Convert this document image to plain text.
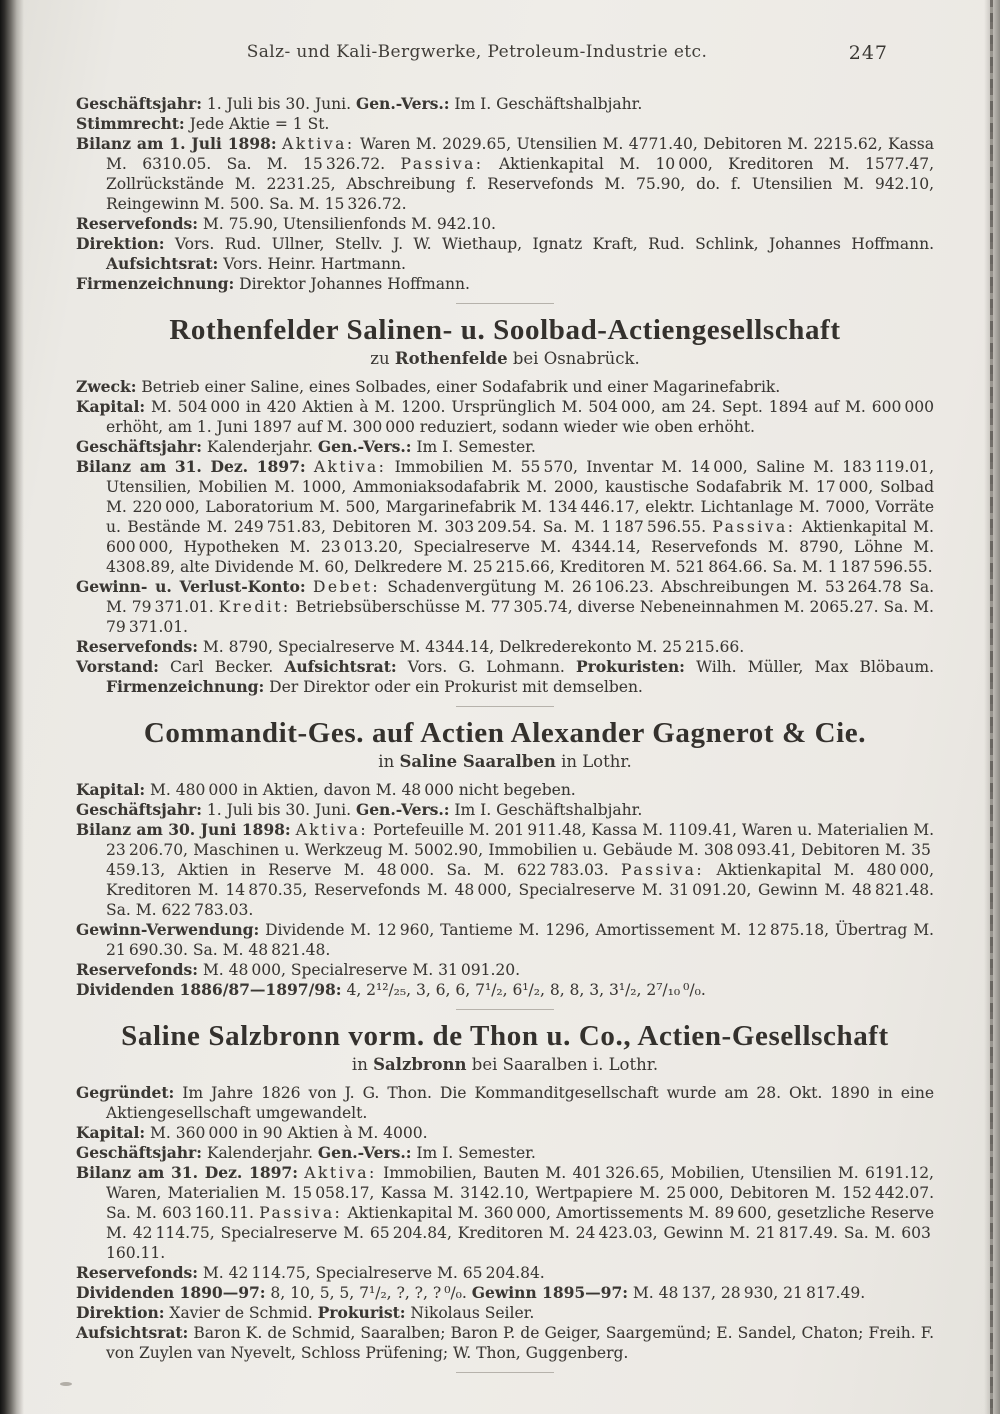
Salz- und Kali-Bergwerke, Petroleum-Industrie etc.	247

Geschäftsjahr: 1. Juli bis 30. Juni. Gen.-Vers.: Im I. Geschäftshalbjahr.

Stimmrecht: Jede Aktie = 1 St.

Bilanz am 1. Juli 1898: Aktiva: Waren M. 2029.65, Utensilien M. 4771.40, Debitoren M. 2215.62, Kassa M. 6310.05. Sa. M. 15 326.72. Passiva: Aktienkapital M. 10 000, Kreditoren M. 1577.47, Zollrückstände M. 2231.25, Abschreibung f. Reservefonds M. 75.90, do. f. Utensilien M. 942.10, Reingewinn M. 500. Sa. M. 15 326.72.

Reservefonds: M. 75.90, Utensilienfonds M. 942.10.

Direktion: Vors. Rud. Ullner, Stellv. J. W. Wiethaup, Ignatz Kraft, Rud. Schlink, Johannes Hoffmann. Aufsichtsrat: Vors. Heinr. Hartmann.

Firmenzeichnung: Direktor Johannes Hoffmann.

Rothenfelder Salinen- u. Soolbad-Actiengesellschaft

zu Rothenfelde bei Osnabrück.

Zweck: Betrieb einer Saline, eines Solbades, einer Sodafabrik und einer Magarinefabrik.

Kapital: M. 504 000 in 420 Aktien à M. 1200. Ursprünglich M. 504 000, am 24. Sept. 1894 auf M. 600 000 erhöht, am 1. Juni 1897 auf M. 300 000 reduziert, sodann wieder wie oben erhöht.

Geschäftsjahr: Kalenderjahr. Gen.-Vers.: Im I. Semester.

Bilanz am 31. Dez. 1897: Aktiva: Immobilien M. 55 570, Inventar M. 14 000, Saline M. 183 119.01, Utensilien, Mobilien M. 1000, Ammoniaksodafabrik M. 2000, kaustische Sodafabrik M. 17 000, Solbad M. 220 000, Laboratorium M. 500, Margarinefabrik M. 134 446.17, elektr. Lichtanlage M. 7000, Vorräte u. Bestände M. 249 751.83, Debitoren M. 303 209.54. Sa. M. 1 187 596.55. Passiva: Aktienkapital M. 600 000, Hypotheken M. 23 013.20, Specialreserve M. 4344.14, Reservefonds M. 8790, Löhne M. 4308.89, alte Dividende M. 60, Delkredere M. 25 215.66, Kreditoren M. 521 864.66. Sa. M. 1 187 596.55.

Gewinn- u. Verlust-Konto: Debet: Schadenvergütung M. 26 106.23. Abschreibungen M. 53 264.78 Sa. M. 79 371.01. Kredit: Betriebsüberschüsse M. 77 305.74, diverse Nebeneinnahmen M. 2065.27. Sa. M. 79 371.01.

Reservefonds: M. 8790, Specialreserve M. 4344.14, Delkrederekonto M. 25 215.66.

Vorstand: Carl Becker. Aufsichtsrat: Vors. G. Lohmann. Prokuristen: Wilh. Müller, Max Blöbaum. Firmenzeichnung: Der Direktor oder ein Prokurist mit demselben.

Commandit-Ges. auf Actien Alexander Gagnerot & Cie.

in Saline Saaralben in Lothr.

Kapital: M. 480 000 in Aktien, davon M. 48 000 nicht begeben.

Geschäftsjahr: 1. Juli bis 30. Juni. Gen.-Vers.: Im I. Geschäftshalbjahr.

Bilanz am 30. Juni 1898: Aktiva: Portefeuille M. 201 911.48, Kassa M. 1109.41, Waren u. Materialien M. 23 206.70, Maschinen u. Werkzeug M. 5002.90, Immobilien u. Gebäude M. 308 093.41, Debitoren M. 35 459.13, Aktien in Reserve M. 48 000. Sa. M. 622 783.03. Passiva: Aktienkapital M. 480 000, Kreditoren M. 14 870.35, Reservefonds M. 48 000, Specialreserve M. 31 091.20, Gewinn M. 48 821.48. Sa. M. 622 783.03.

Gewinn-Verwendung: Dividende M. 12 960, Tantieme M. 1296, Amortissement M. 12 875.18, Übertrag M. 21 690.30. Sa. M. 48 821.48.

Reservefonds: M. 48 000, Specialreserve M. 31 091.20.

Dividenden 1886/87—1897/98: 4, 2¹²/₂₅, 3, 6, 6, 7¹/₂, 6¹/₂, 8, 8, 3, 3¹/₂, 2⁷/₁₀ ⁰/₀.

Saline Salzbronn vorm. de Thon u. Co., Actien-Gesellschaft

in Salzbronn bei Saaralben i. Lothr.

Gegründet: Im Jahre 1826 von J. G. Thon. Die Kommanditgesellschaft wurde am 28. Okt. 1890 in eine Aktiengesellschaft umgewandelt.

Kapital: M. 360 000 in 90 Aktien à M. 4000.

Geschäftsjahr: Kalenderjahr. Gen.-Vers.: Im I. Semester.

Bilanz am 31. Dez. 1897: Aktiva: Immobilien, Bauten M. 401 326.65, Mobilien, Utensilien M. 6191.12, Waren, Materialien M. 15 058.17, Kassa M. 3142.10, Wertpapiere M. 25 000, Debitoren M. 152 442.07. Sa. M. 603 160.11. Passiva: Aktienkapital M. 360 000, Amortissements M. 89 600, gesetzliche Reserve M. 42 114.75, Specialreserve M. 65 204.84, Kreditoren M. 24 423.03, Gewinn M. 21 817.49. Sa. M. 603 160.11.

Reservefonds: M. 42 114.75, Specialreserve M. 65 204.84.

Dividenden 1890—97: 8, 10, 5, 5, 7¹/₂, ?, ?, ? ⁰/₀. Gewinn 1895—97: M. 48 137, 28 930, 21 817.49.

Direktion: Xavier de Schmid. Prokurist: Nikolaus Seiler.

Aufsichtsrat: Baron K. de Schmid, Saaralben; Baron P. de Geiger, Saargemünd; E. Sandel, Chaton; Freih. F. von Zuylen van Nyevelt, Schloss Prüfening; W. Thon, Guggenberg.
